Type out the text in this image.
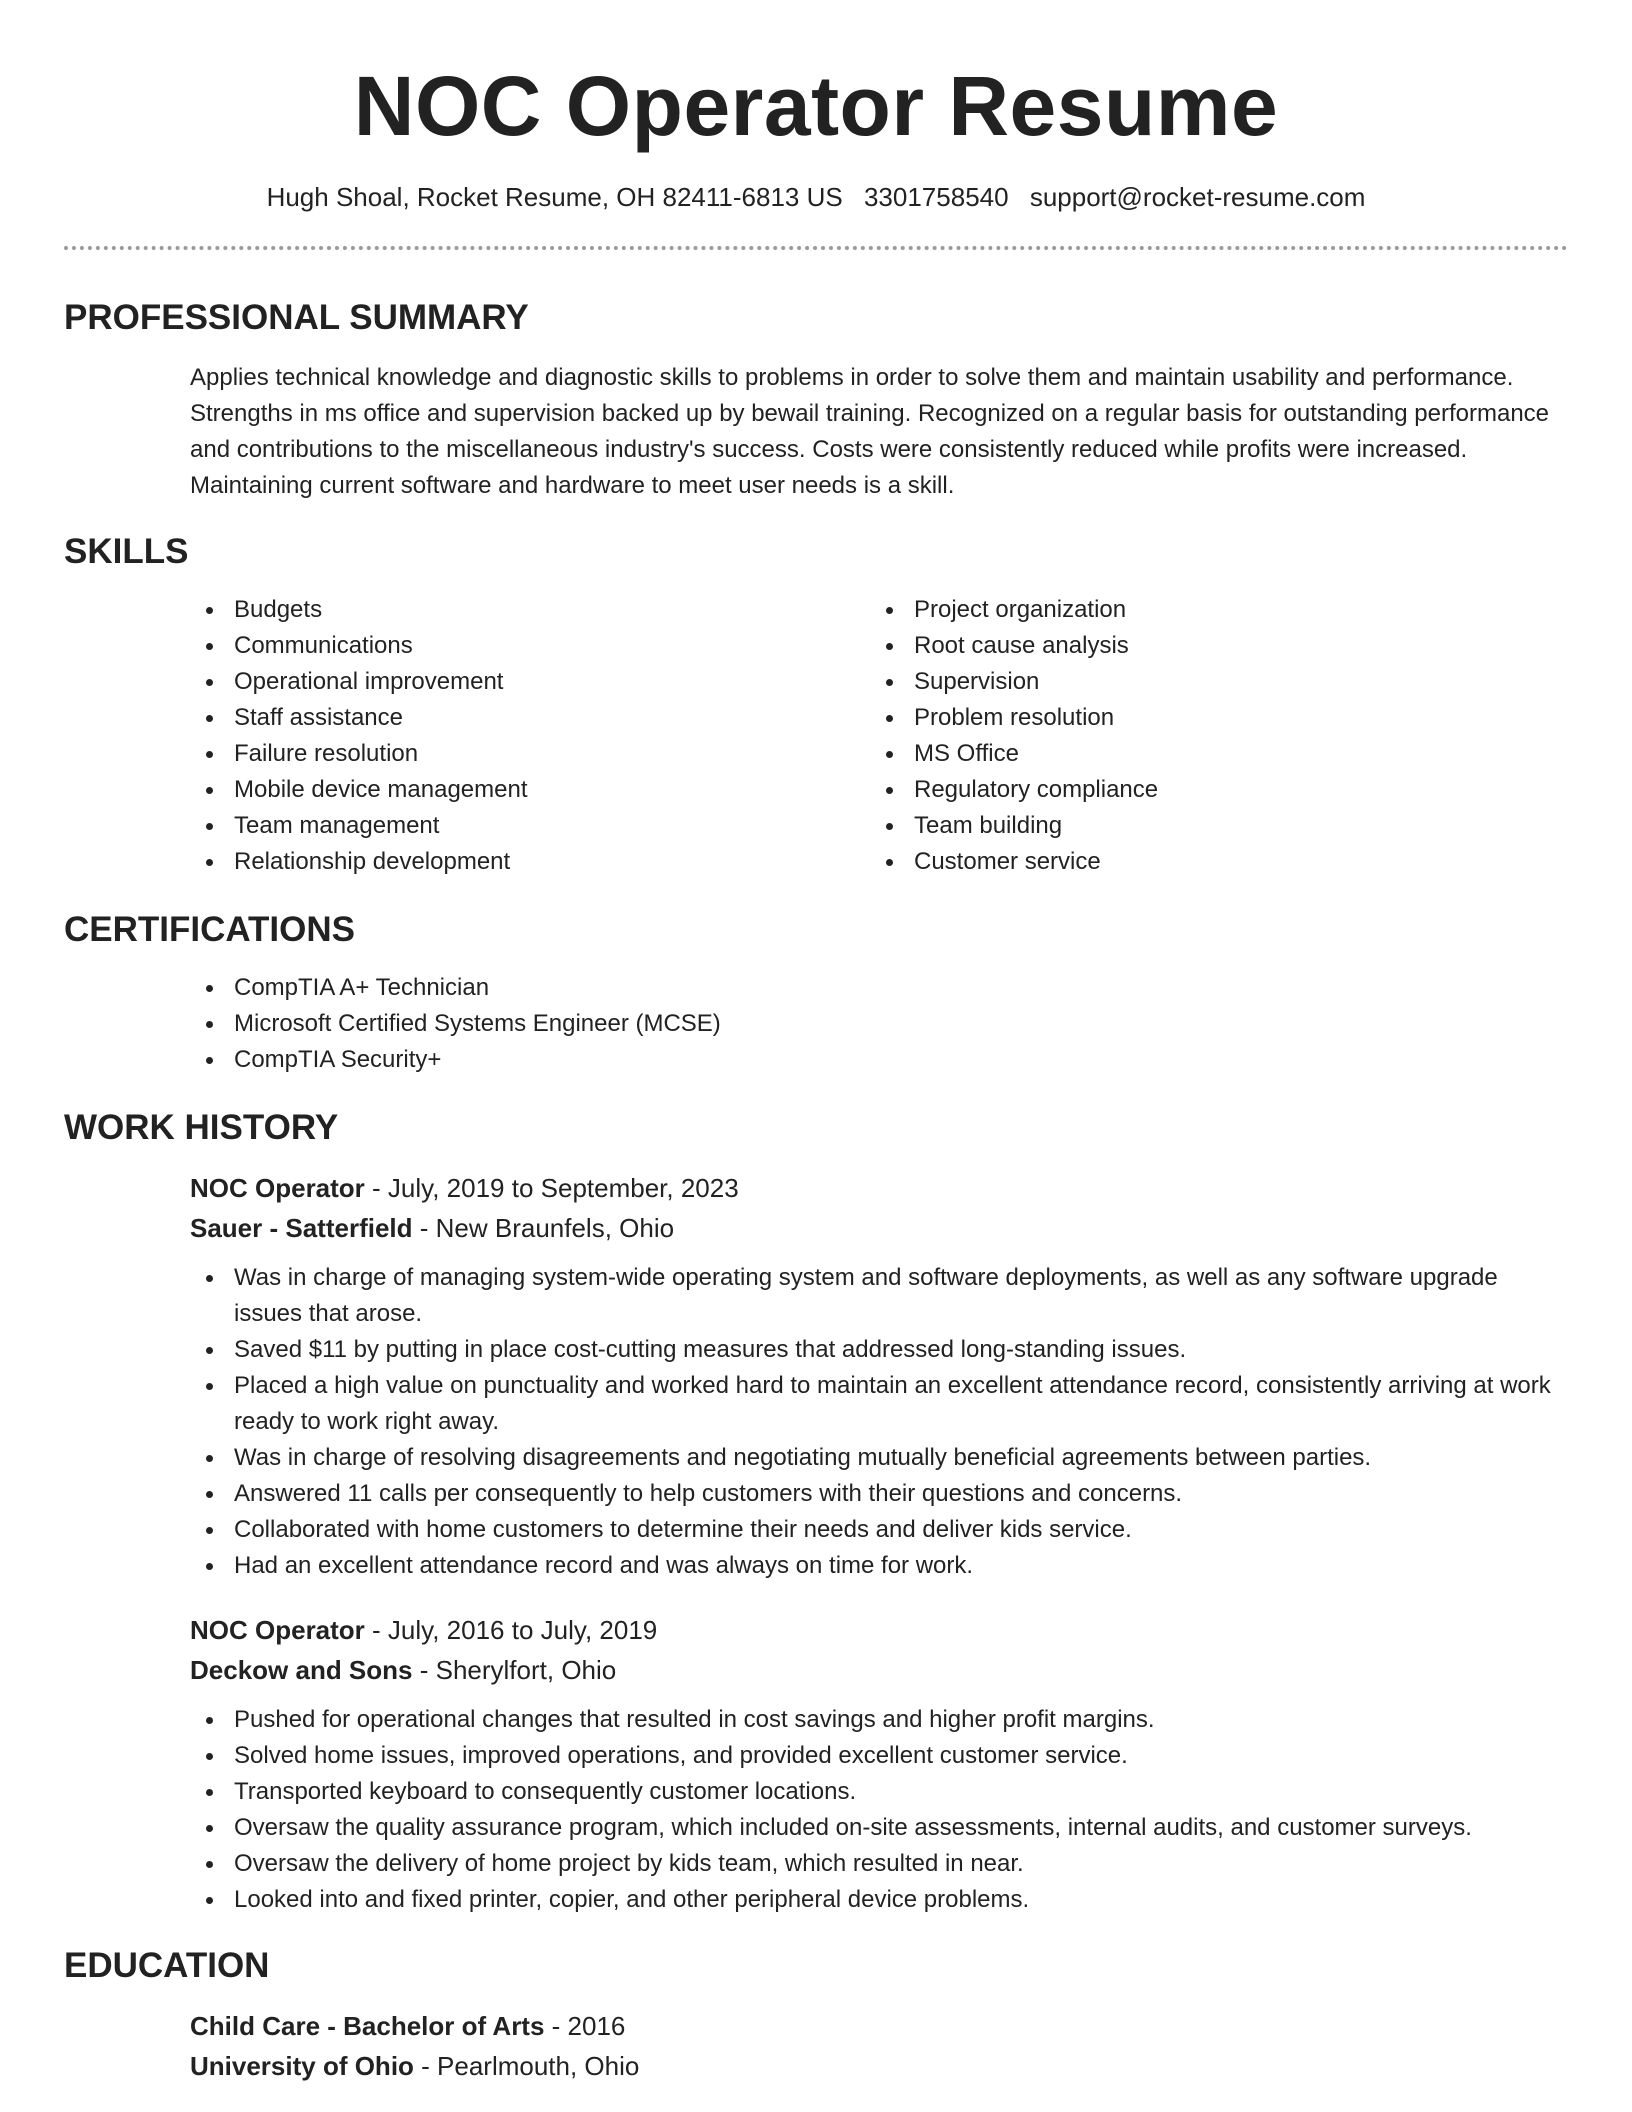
NOC Operator Resume
Hugh Shoal, Rocket Resume, OH 82411-6813 US 3301758540 support@rocket-resume.com
PROFESSIONAL SUMMARY

Applies technical knowledge and diagnostic skills to problems in order to solve them and maintain usability and performance. Strengths in ms office and supervision backed up by bewail training. Recognized on a regular basis for outstanding performance and contributions to the miscellaneous industry's success. Costs were consistently reduced while profits were increased. Maintaining current software and hardware to meet user needs is a skill.

SKILLS
Budgets
Communications
Operational improvement
Staff assistance
Failure resolution
Mobile device management
Team management
Relationship development
Project organization
Root cause analysis
Supervision
Problem resolution
MS Office
Regulatory compliance
Team building
Customer service
CERTIFICATIONS
CompTIA A+ Technician
Microsoft Certified Systems Engineer (MCSE)
CompTIA Security+
WORK HISTORY
NOC Operator - July, 2019 to September, 2023
Sauer - Satterfield - New Braunfels, Ohio
Was in charge of managing system-wide operating system and software deployments, as well as any software upgrade issues that arose.
Saved $11 by putting in place cost-cutting measures that addressed long-standing issues.
Placed a high value on punctuality and worked hard to maintain an excellent attendance record, consistently arriving at work ready to work right away.
Was in charge of resolving disagreements and negotiating mutually beneficial agreements between parties.
Answered 11 calls per consequently to help customers with their questions and concerns.
Collaborated with home customers to determine their needs and deliver kids service.
Had an excellent attendance record and was always on time for work.
NOC Operator - July, 2016 to July, 2019
Deckow and Sons - Sherylfort, Ohio
Pushed for operational changes that resulted in cost savings and higher profit margins.
Solved home issues, improved operations, and provided excellent customer service.
Transported keyboard to consequently customer locations.
Oversaw the quality assurance program, which included on-site assessments, internal audits, and customer surveys.
Oversaw the delivery of home project by kids team, which resulted in near.
Looked into and fixed printer, copier, and other peripheral device problems.
EDUCATION
Child Care - Bachelor of Arts - 2016
University of Ohio - Pearlmouth, Ohio
